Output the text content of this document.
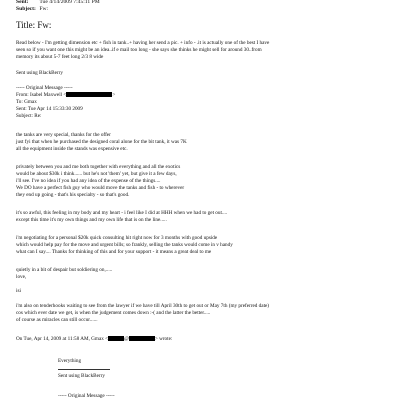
Sent: Tue 4/14/2009 7:45:11 PM
Subject: Fw:
Title: Fw:
Read below - I'm getting dimension etc + fish in tank..+ having her send a pic. + info - .it is actually one of the best I have
seen so if you want one this might be an idea..if e mail too long - she says she thinks he might sell for around 30..from
memory its about 5-7 feet long 2/3 8 wide
Sent using BlackBerry
----- Original Message -----
From: Isabel Maxwell <	>
To: Gmax
Sent: Tue Apr 14 15:33:30 2009
Subject: Re:
the tanks are very special, thanks for the offer
just fyi that when he purchased the designed coral alone for the bit tank, it was 7K
all the equipment inside the stands was expensive etc.
privately between you and me both together with everything and all the exotics
would be about $30k i think...... but he's not 'them' yet, but give it a few days,
i'll see. I've no idea if you had any idea of the expense of the things....
We DO have a perfect fish guy who would move the tanks and fish - to wherever
they end up going - that's his specialty - so that's good.
it's so awful, this feeling in my body and my heart - i feel like I did at HHH when we had to get out....
except this time it's my own things and my own life that is on the line.....
i'm negotiating for a personal $20k quick consulting hit right now for 3 months with good upside
which would help pay for the move and urgent bills; so frankly, selling the tanks would come in v handy
what can I say.... Thanks for thinking of this and for your support - it means a great deal to me
quietly in a bit of despair but soldiering on,.....
love,
isi
i'm also on tenderhooks waiting to see from the lawyer if we have till April 30th to get out or May 7th (my preferred date)
cos which ever date we get, is when the judgement comes down :-( and the latter the better.....
of course as miracles can still occur......
On Tue, Apr 14, 2009 at 11:58 AM, Gmax <	@	> wrote:
Everything
Sent using BlackBerry
----- Original Message -----
